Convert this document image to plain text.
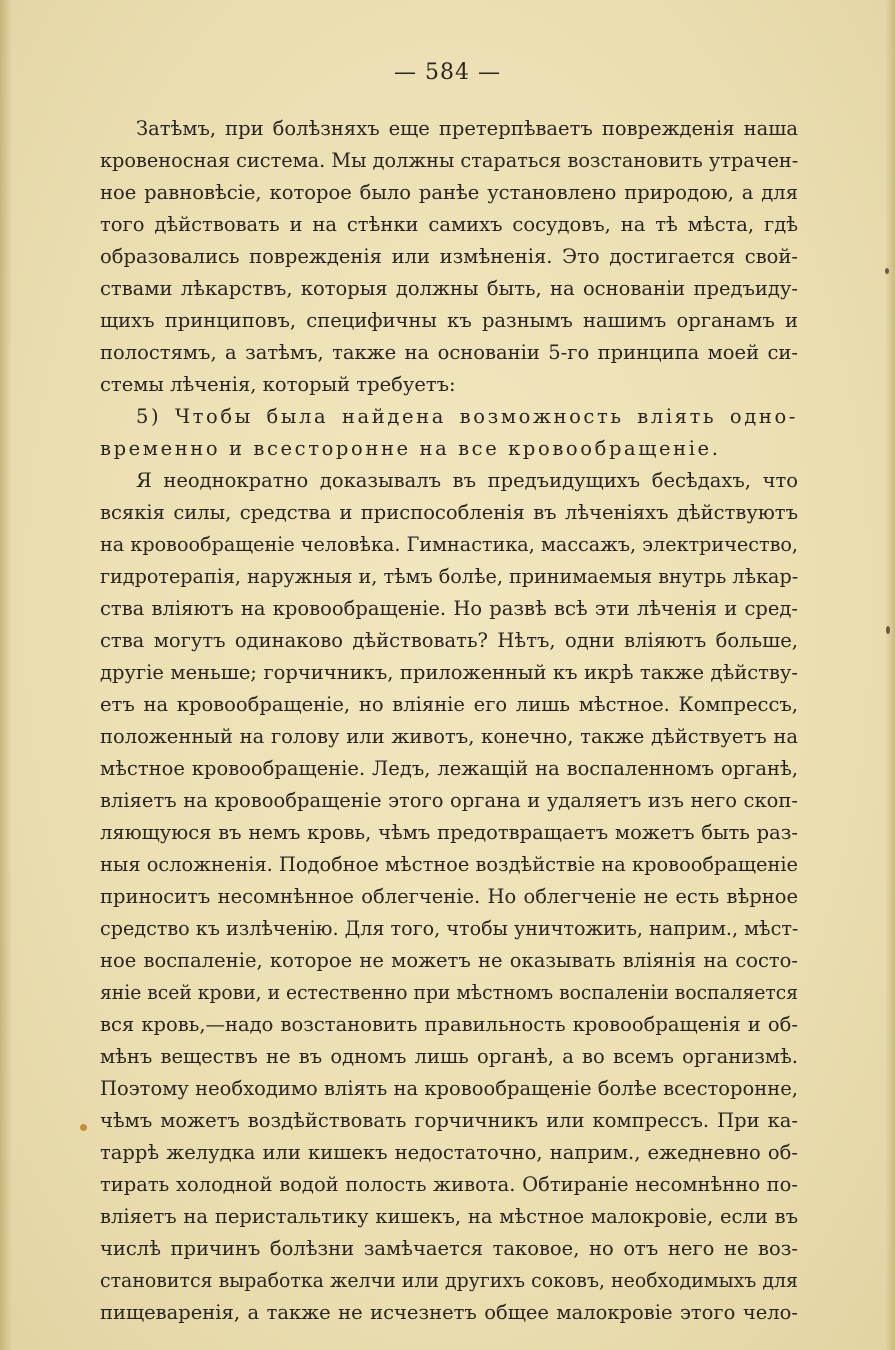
— 584 —
Затѣмъ, при болѣзняхъ еще претерпѣваетъ поврежденія наша
кровеносная система. Мы должны стараться возстановить утрачен-
ное равновѣсіе, которое было ранѣе установлено природою, а для
того дѣйствовать и на стѣнки самихъ сосудовъ, на тѣ мѣста, гдѣ
образовались поврежденія или измѣненія. Это достигается свой-
ствами лѣкарствъ, которыя должны быть, на основаніи предъиду-
щихъ принциповъ, специфичны къ разнымъ нашимъ органамъ и
полостямъ, а затѣмъ, также на основаніи 5-го принципа моей си-
стемы лѣченія, который требуетъ:
5) Чтобы была найдена возможность влiять одно-
временно и всесторонне на все кровообращеніе.
Я неоднократно доказывалъ въ предъидущихъ бесѣдахъ, что
всякія силы, средства и приспособленія въ лѣченіяхъ дѣйствуютъ
на кровообращеніе человѣка. Гимнастика, массажъ, электричество,
гидротерапія, наружныя и, тѣмъ болѣе, принимаемыя внутрь лѣкар-
ства вліяютъ на кровообращеніе. Но развѣ всѣ эти лѣченія и сред-
ства могутъ одинаково дѣйствовать? Нѣтъ, одни вліяютъ больше,
другіе меньше; горчичникъ, приложенный къ икрѣ также дѣйству-
етъ на кровообращеніе, но вліяніе его лишь мѣстное. Компрессъ,
положенный на голову или животъ, конечно, также дѣйствуетъ на
мѣстное кровообращеніе. Ледъ, лежащій на воспаленномъ органѣ,
вліяетъ на кровообращеніе этого органа и удаляетъ изъ него скоп-
ляющуюся въ немъ кровь, чѣмъ предотвращаетъ можетъ быть раз-
ныя осложненія. Подобное мѣстное воздѣйствіе на кровообращеніе
приноситъ несомнѣнное облегченіе. Но облегченіе не есть вѣрное
средство къ излѣченію. Для того, чтобы уничтожить, наприм., мѣст-
ное воспаленіе, которое не можетъ не оказывать вліянія на состо-
яніе всей крови, и естественно при мѣстномъ воспаленіи воспаляется
вся кровь,—надо возстановить правильность кровообращенія и об-
мѣнъ веществъ не въ одномъ лишь органѣ, а во всемъ организмѣ.
Поэтому необходимо вліять на кровообращеніе болѣе всесторонне,
чѣмъ можетъ воздѣйствовать горчичникъ или компрессъ. При ка-
таррѣ желудка или кишекъ недостаточно, наприм., ежедневно об-
тирать холодной водой полость живота. Обтираніе несомнѣнно по-
вліяетъ на перистальтику кишекъ, на мѣстное малокровіе, если въ
числѣ причинъ болѣзни замѣчается таковое, но отъ него не воз-
становится выработка желчи или другихъ соковъ, необходимыхъ для
пищеваренія, а также не исчезнетъ общее малокровіе этого чело-
